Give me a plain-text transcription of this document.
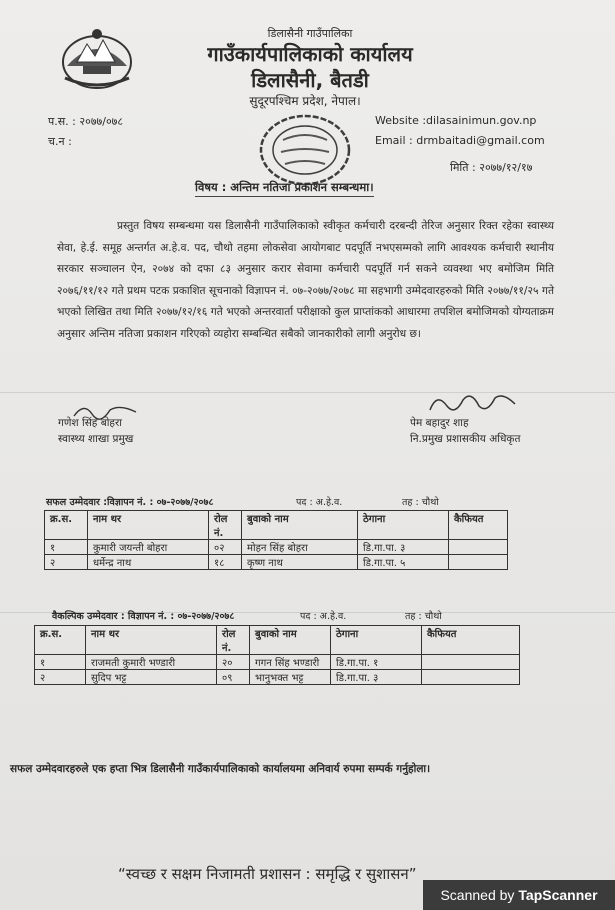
डिलासैनी गाउँपालिका
गाउँकार्यपालिकाको कार्यालय
डिलासैनी, बैतडी
सुदूरपश्चिम प्रदेश, नेपाल।
प.स. : २०७७/०७८
च.न :
Website :dilasainimun.gov.np
Email : drmbaitadi@gmail.com
मिति : २०७७/१२/१७
विषय : अन्तिम नतिजा प्रकाशन सम्बन्धमा।

प्रस्तुत विषय सम्बन्धमा यस डिलासैनी गाउँपालिकाको स्वीकृत कर्मचारी दरबन्दी तेरिज अनुसार रिक्त रहेका स्वास्थ्य सेवा, हे.ई. समूह अन्तर्गत अ.हे.व. पद, चौथो तहमा लोकसेवा आयोगबाट पदपूर्ति नभएसम्मको लागि आवश्यक कर्मचारी स्थानीय सरकार सञ्चालन ऐन, २०७४ को दफा ८३ अनुसार करार सेवामा कर्मचारी पदपूर्ति गर्न सकने व्यवस्था भए बमोजिम मिति २०७६/११/१२ गते प्रथम पटक प्रकाशित सूचनाको विज्ञापन नं. ०७-२०७७/२०७८ मा सहभागी उम्मेदवारहरुको मिति २०७७/११/२५ गते भएको लिखित तथा मिति २०७७/१२/१६ गते भएको अन्तरवार्ता परीक्षाको कुल प्राप्तांकको आधारमा तपशिल बमोजिमको योग्यताक्रम अनुसार अन्तिम नतिजा प्रकाशन गरिएको व्यहोरा सम्बन्धित सबैको जानकारीको लागी अनुरोध छ।

गणेश सिंह बोहरा
स्वास्थ्य शाखा प्रमुख
पेम बहादुर शाह
नि.प्रमुख प्रशासकीय अधिकृत
सफल उम्मेदवार :विज्ञापन नं. : ०७-२०७७/२०७८	पद : अ.हे.व.	तह : चौथो
क्र.स.	नाम थर	रोल नं.	बुवाको नाम	ठेगाना	कैफियत
१	कुमारी जयन्ती बोहरा	०२	मोहन सिंह बोहरा	डि.गा.पा. ३	
२	धर्मेन्द्र नाथ	१८	कृष्ण नाथ	डि.गा.पा. ५	
वैकल्पिक उम्मेदवार : विज्ञापन नं. : ०७-२०७७/२०७८	पद : अ.हे.व.	तह : चौथो
क्र.स.	नाम थर	रोल नं.	बुवाको नाम	ठेगाना	कैफियत
१	राजमती कुमारी भण्डारी	२०	गगन सिंह भण्डारी	डि.गा.पा. १	
२	सुदिप भट्ट	०९	भानुभक्त भट्ट	डि.गा.पा. ३	
सफल उम्मेदवारहरुले एक हप्ता भित्र डिलासैनी गाउँकार्यपालिकाको कार्यालयमा अनिवार्य रुपमा सम्पर्क गर्नुहोला।
“स्वच्छ र सक्षम निजामती प्रशासन : समृद्धि र सुशासन”
Scanned by TapScanner
